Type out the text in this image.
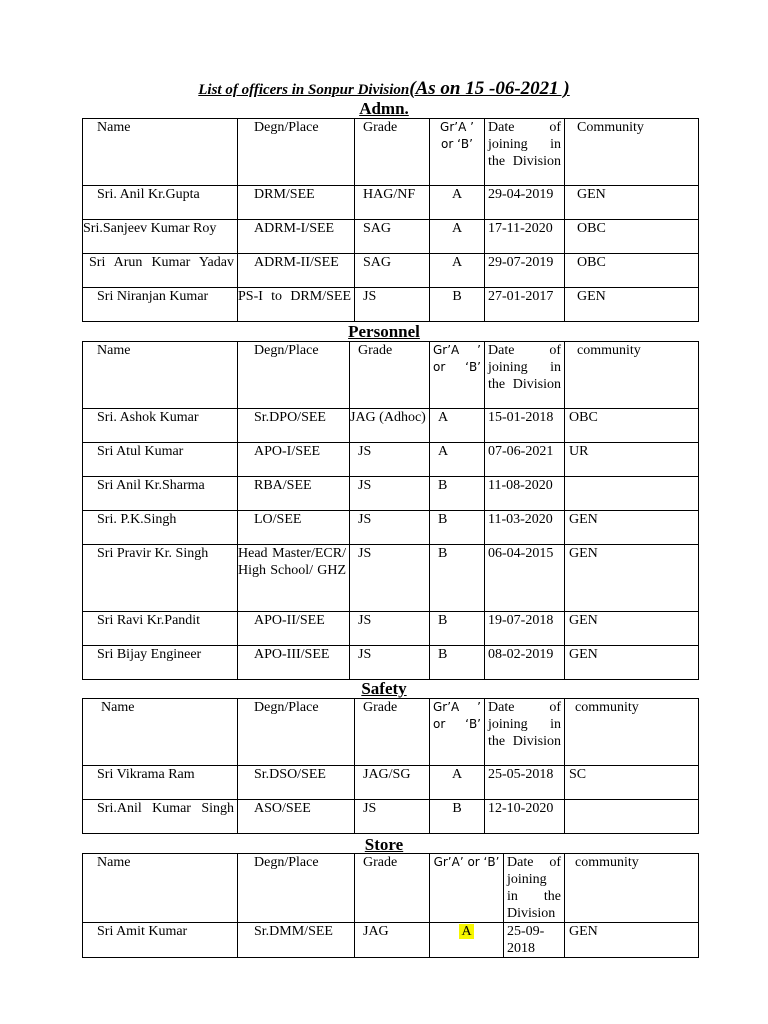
List of officers in Sonpur Division(As on 15 -06-2021 )
Admn.
Name	Degn/Place	Grade	Gr’A ’ or ‘B’	Date of joining in the Division	Community
Sri. Anil Kr.Gupta	DRM/SEE	HAG/NF	A	29-04-2019	GEN
Sri.Sanjeev Kumar Roy	ADRM-I/SEE	SAG	A	17-11-2020	OBC
Sri Arun Kumar Yadav	ADRM-II/SEE	SAG	A	29-07-2019	OBC
Sri Niranjan Kumar	PS-I to DRM/SEE	JS	B	27-01-2017	GEN
Personnel
Name	Degn/Place	Grade	Gr’A ’ or ‘B’	Date of joining in the Division	community
Sri. Ashok Kumar	Sr.DPO/SEE	JAG (Adhoc)	A	15-01-2018	OBC
Sri Atul Kumar	APO-I/SEE	JS	A	07-06-2021	UR
Sri Anil Kr.Sharma	RBA/SEE	JS	B	11-08-2020	
Sri. P.K.Singh	LO/SEE	JS	B	11-03-2020	GEN
Sri Pravir Kr. Singh	Head Master/ECR/ High School/ GHZ	JS	B	06-04-2015	GEN
Sri Ravi Kr.Pandit	APO-II/SEE	JS	B	19-07-2018	GEN
Sri Bijay Engineer	APO-III/SEE	JS	B	08-02-2019	GEN
Safety
Name	Degn/Place	Grade	Gr’A ’ or ‘B’	Date of joining in the Division	community
Sri Vikrama Ram	Sr.DSO/SEE	JAG/SG	A	25-05-2018	SC
Sri.Anil Kumar Singh	ASO/SEE	JS	B	12-10-2020	
Store
Name	Degn/Place	Grade	Gr’A’ or ‘B’	Date of joining in the Division	community
Sri Amit Kumar	Sr.DMM/SEE	JAG	A	25-09-2018	GEN
